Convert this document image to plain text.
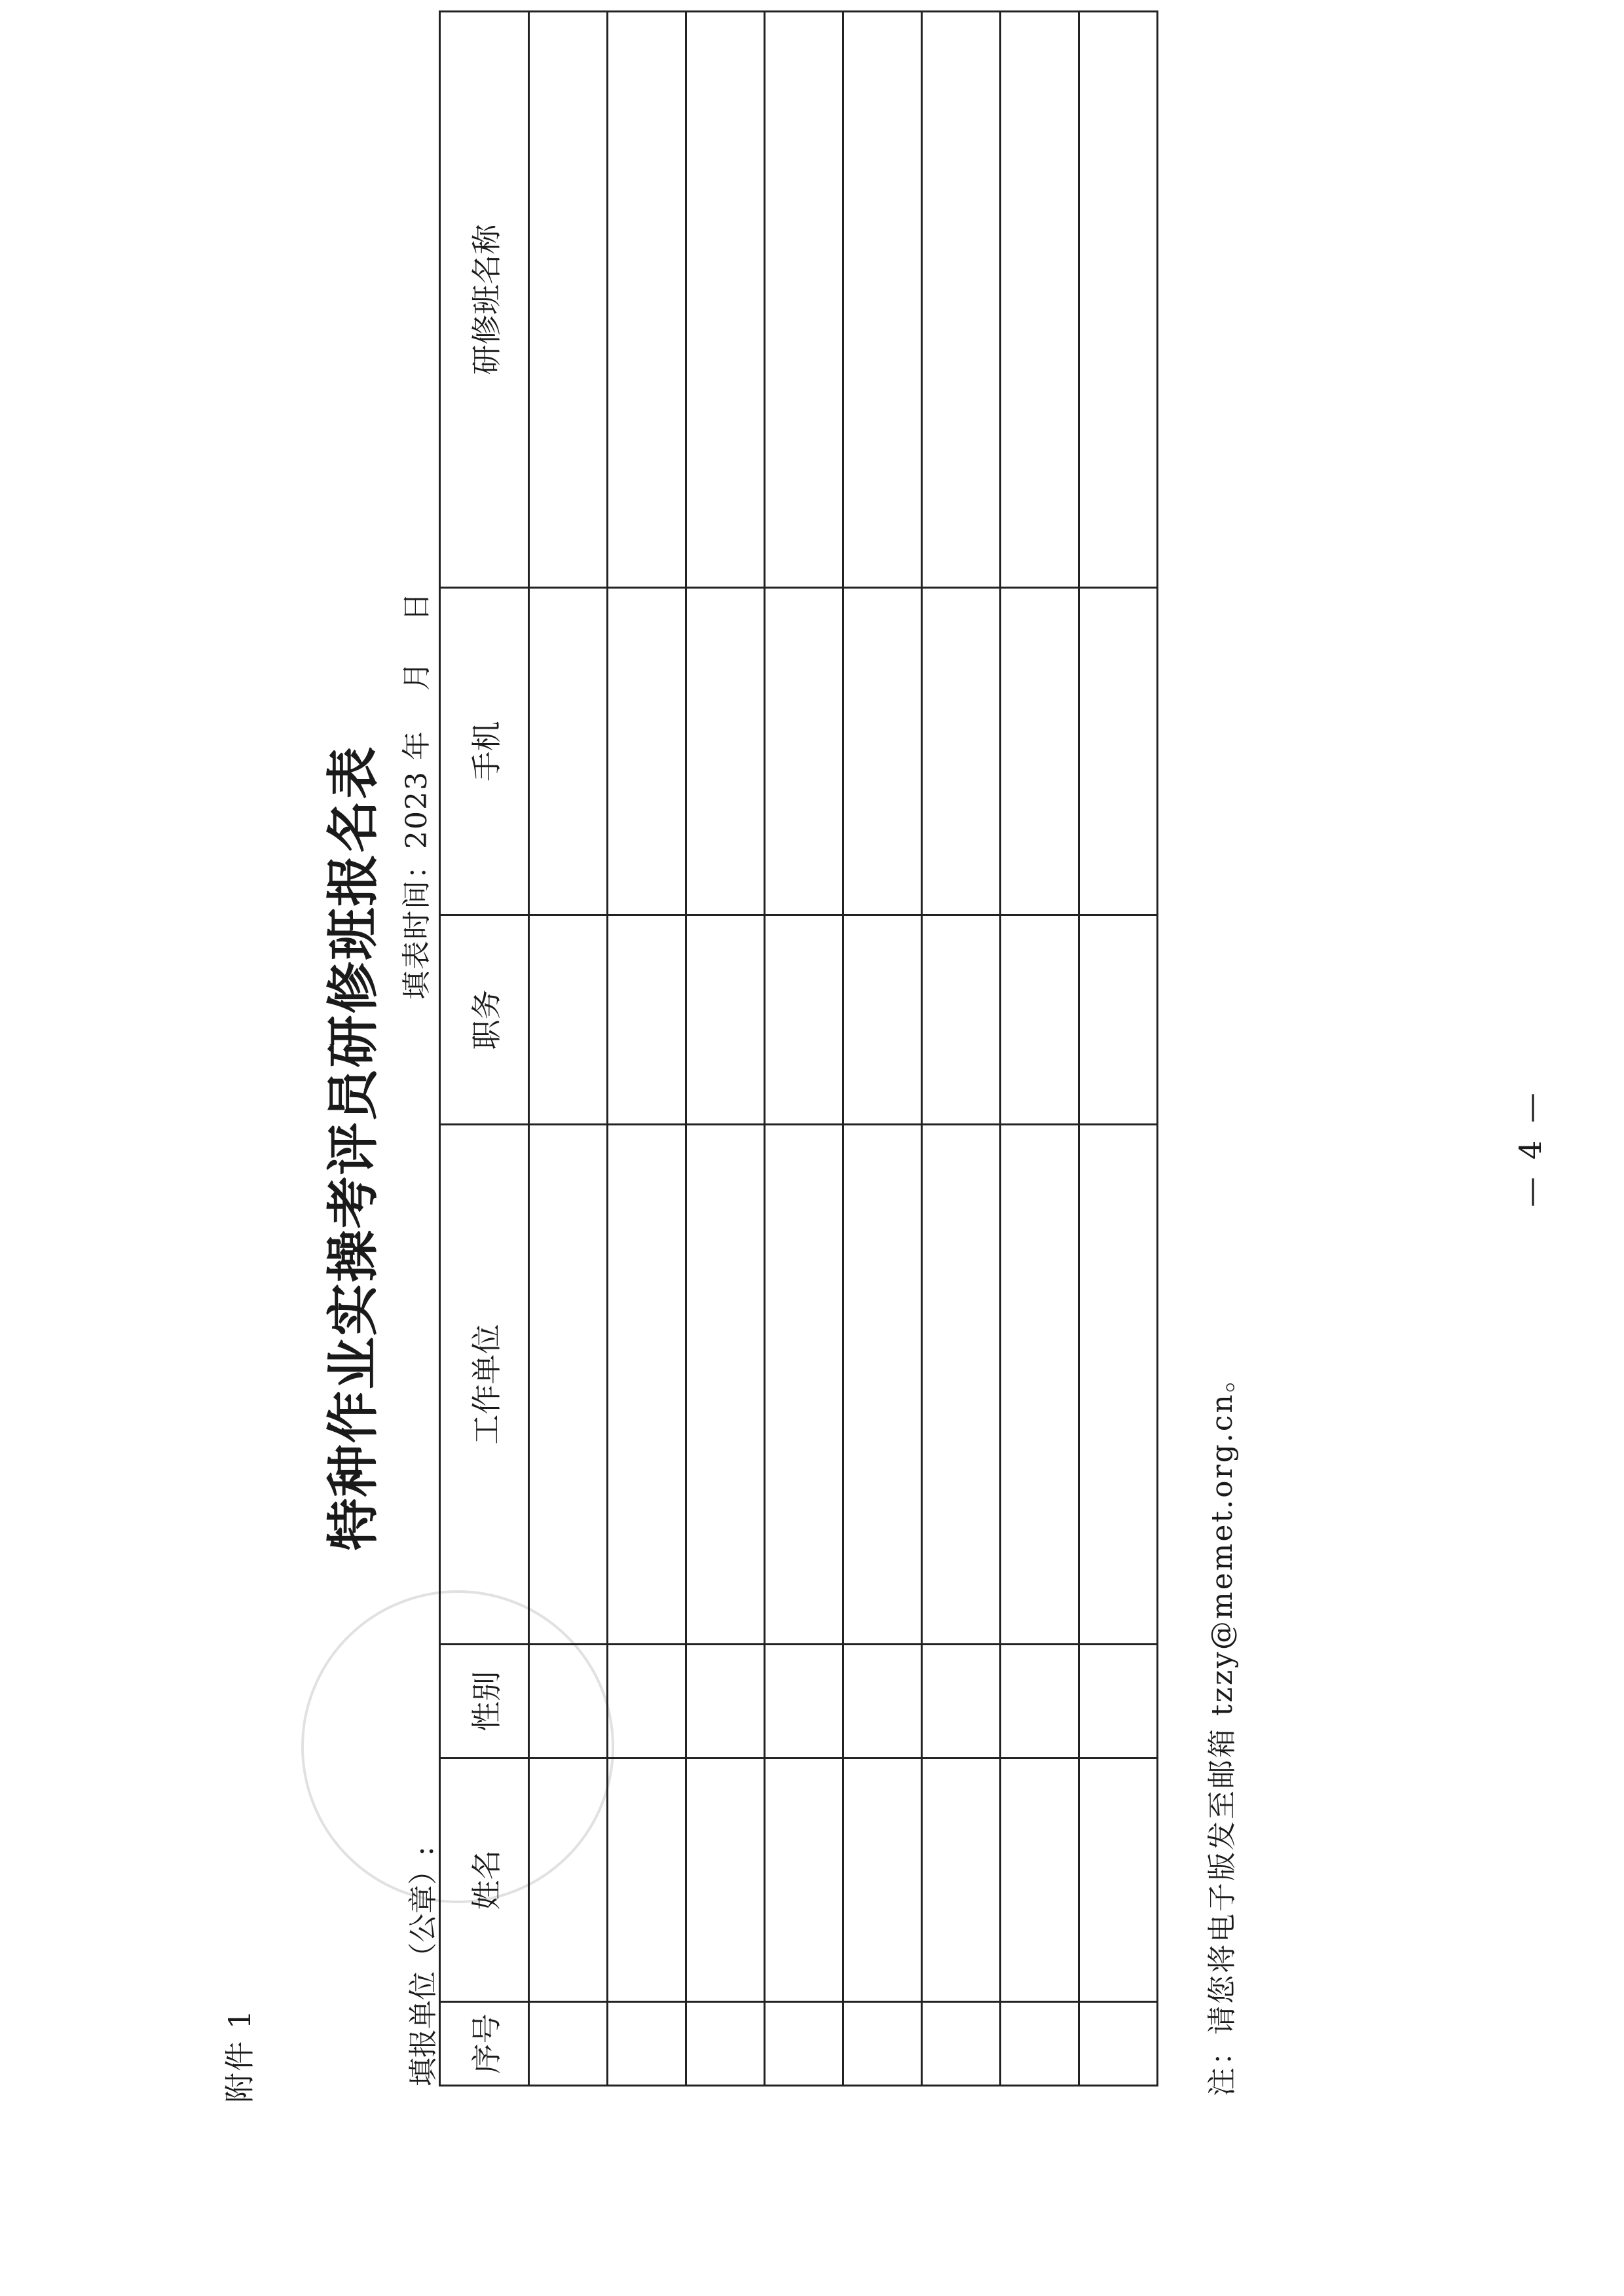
附件 1
特种作业实操考评员研修班报名表
填报单位（公章）:
填表时间：2023 年月日
序号	姓名	性别	工作单位	职务	手机	研修班名称

注：请您将电子版发至邮箱 tzzy@memet.org.cn。
— 4 —
